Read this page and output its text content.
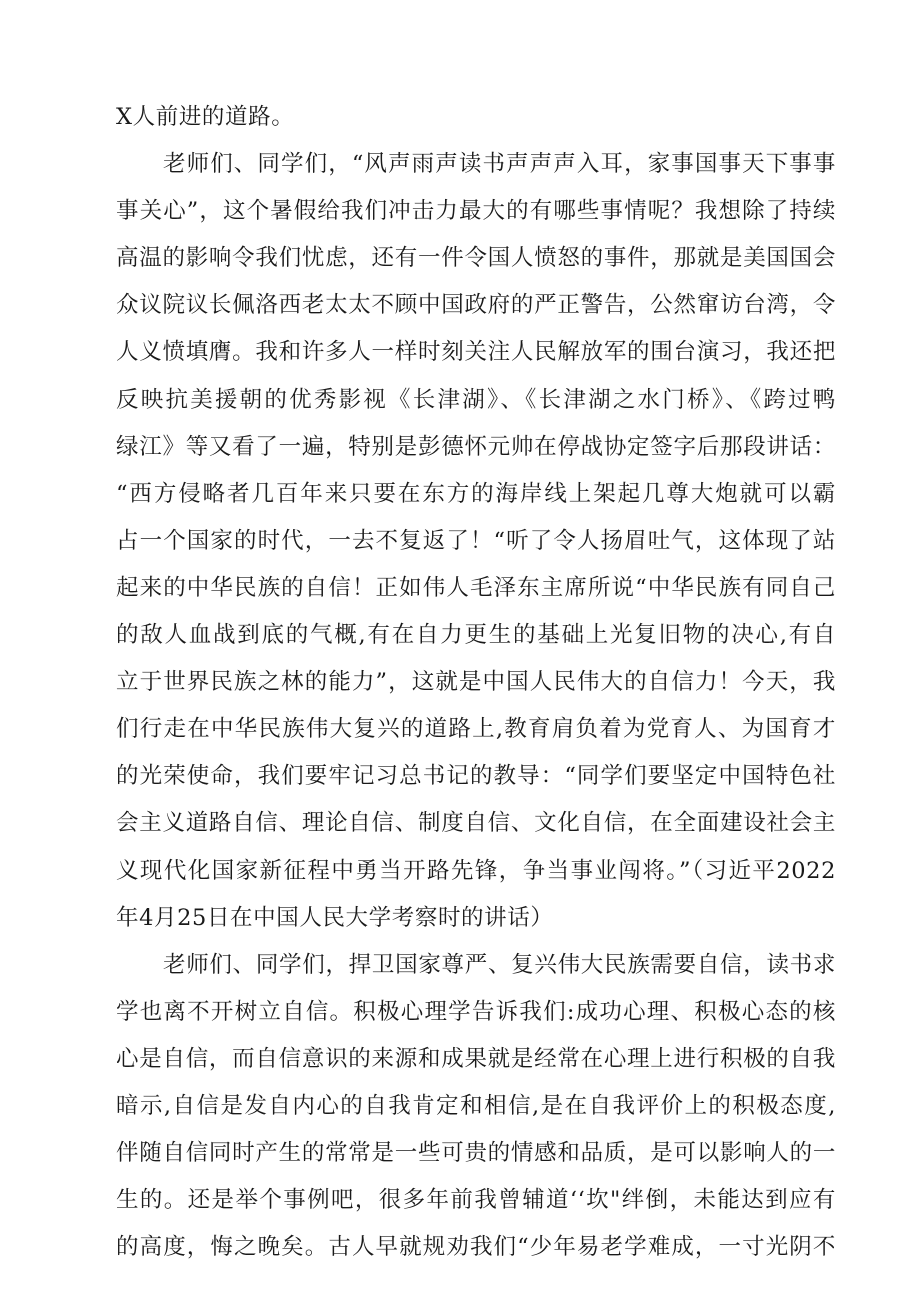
X人前进的道路。
老师们、同学们，“风声雨声读书声声声入耳，家事国事天下事事
事关心”，这个暑假给我们冲击力最大的有哪些事情呢？我想除了持续
高温的影响令我们忧虑，还有一件令国人愤怒的事件，那就是美国国会
众议院议长佩洛西老太太不顾中国政府的严正警告，公然窜访台湾，令
人义愤填膺。我和许多人一样时刻关注人民解放军的围台演习，我还把
反映抗美援朝的优秀影视《长津湖》、《长津湖之水门桥》、《跨过鸭
绿江》等又看了一遍，特别是彭德怀元帅在停战协定签字后那段讲话：
“西方侵略者几百年来只要在东方的海岸线上架起几尊大炮就可以霸
占一个国家的时代，一去不复返了！“听了令人扬眉吐气，这体现了站
起来的中华民族的自信！正如伟人毛泽东主席所说“中华民族有同自己
的敌人血战到底的气概,有在自力更生的基础上光复旧物的决心,有自
立于世界民族之林的能力”，这就是中国人民伟大的自信力！今天，我
们行走在中华民族伟大复兴的道路上,教育肩负着为党育人、为国育才
的光荣使命，我们要牢记习总书记的教导：“同学们要坚定中国特色社
会主义道路自信、理论自信、制度自信、文化自信，在全面建设社会主
义现代化国家新征程中勇当开路先锋，争当事业闯将。”（习近平2022
年4月25日在中国人民大学考察时的讲话）
老师们、同学们，捍卫国家尊严、复兴伟大民族需要自信，读书求
学也离不开树立自信。积极心理学告诉我们:成功心理、积极心态的核
心是自信，而自信意识的来源和成果就是经常在心理上进行积极的自我
暗示,自信是发自内心的自我肯定和相信,是在自我评价上的积极态度,
伴随自信同时产生的常常是一些可贵的情感和品质，是可以影响人的一
生的。还是举个事例吧，很多年前我曾辅道‘‘坎"绊倒，未能达到应有
的高度，悔之晚矣。古人早就规劝我们“少年易老学难成，一寸光阴不
